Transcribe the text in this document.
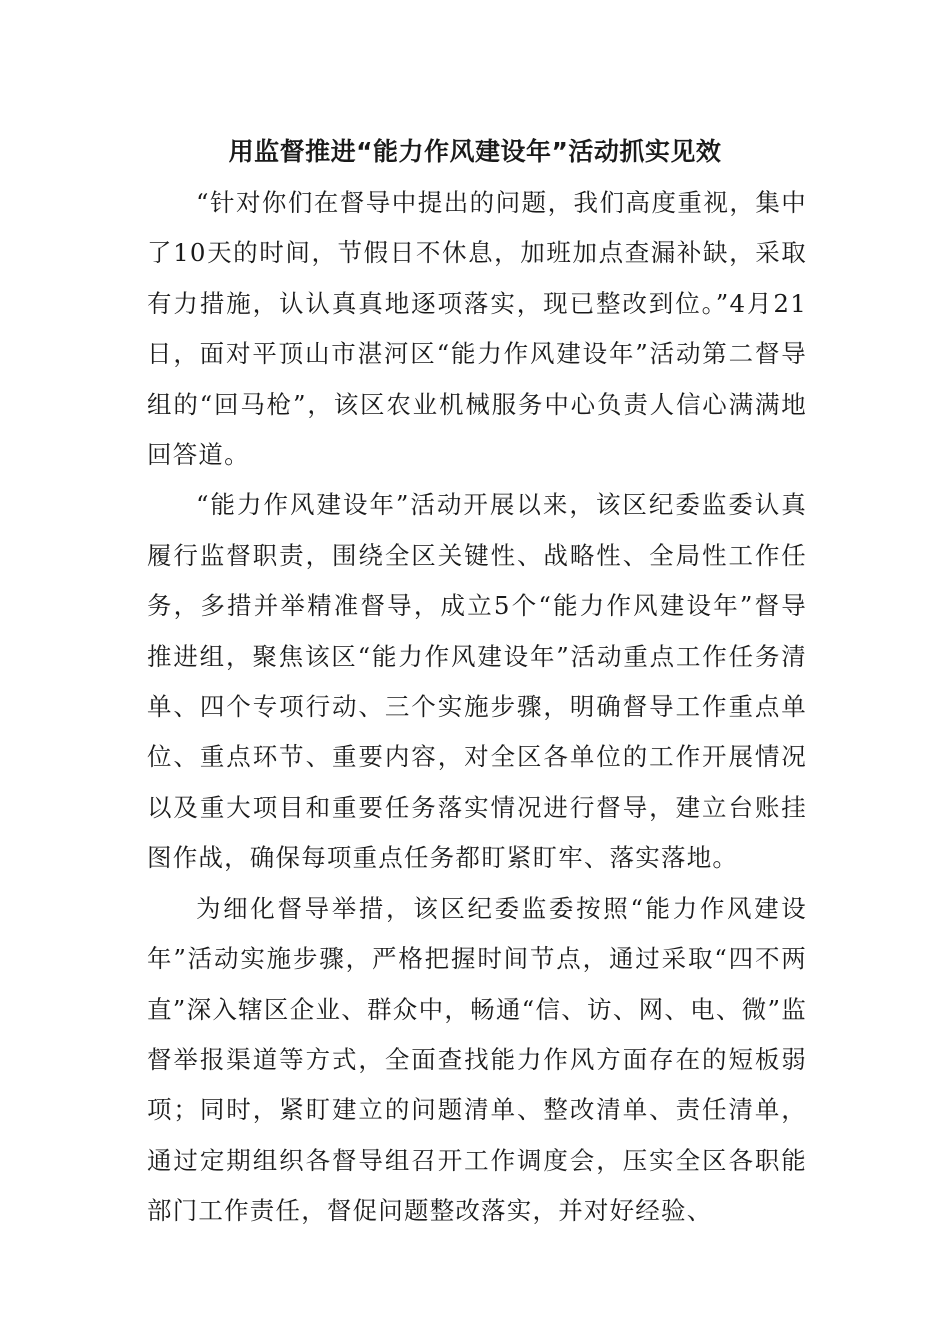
用监督推进“能力作风建设年”活动抓实见效

“针对你们在督导中提出的问题，我们高度重视，集中了10天的时间，节假日不休息，加班加点查漏补缺，采取有力措施，认认真真地逐项落实，现已整改到位。”4月21日，面对平顶山市湛河区“能力作风建设年”活动第二督导组的“回马枪”，该区农业机械服务中心负责人信心满满地回答道。

“能力作风建设年”活动开展以来，该区纪委监委认真履行监督职责，围绕全区关键性、战略性、全局性工作任务，多措并举精准督导，成立5个“能力作风建设年”督导推进组，聚焦该区“能力作风建设年”活动重点工作任务清单、四个专项行动、三个实施步骤，明确督导工作重点单位、重点环节、重要内容，对全区各单位的工作开展情况以及重大项目和重要任务落实情况进行督导，建立台账挂图作战，确保每项重点任务都盯紧盯牢、落实落地。

为细化督导举措，该区纪委监委按照“能力作风建设年”活动实施步骤，严格把握时间节点，通过采取“四不两直”深入辖区企业、群众中，畅通“信、访、网、电、微”监督举报渠道等方式，全面查找能力作风方面存在的短板弱项；同时，紧盯建立的问题清单、整改清单、责任清单，通过定期组织各督导组召开工作调度会，压实全区各职能部门工作责任，督促问题整改落实，并对好经验、
